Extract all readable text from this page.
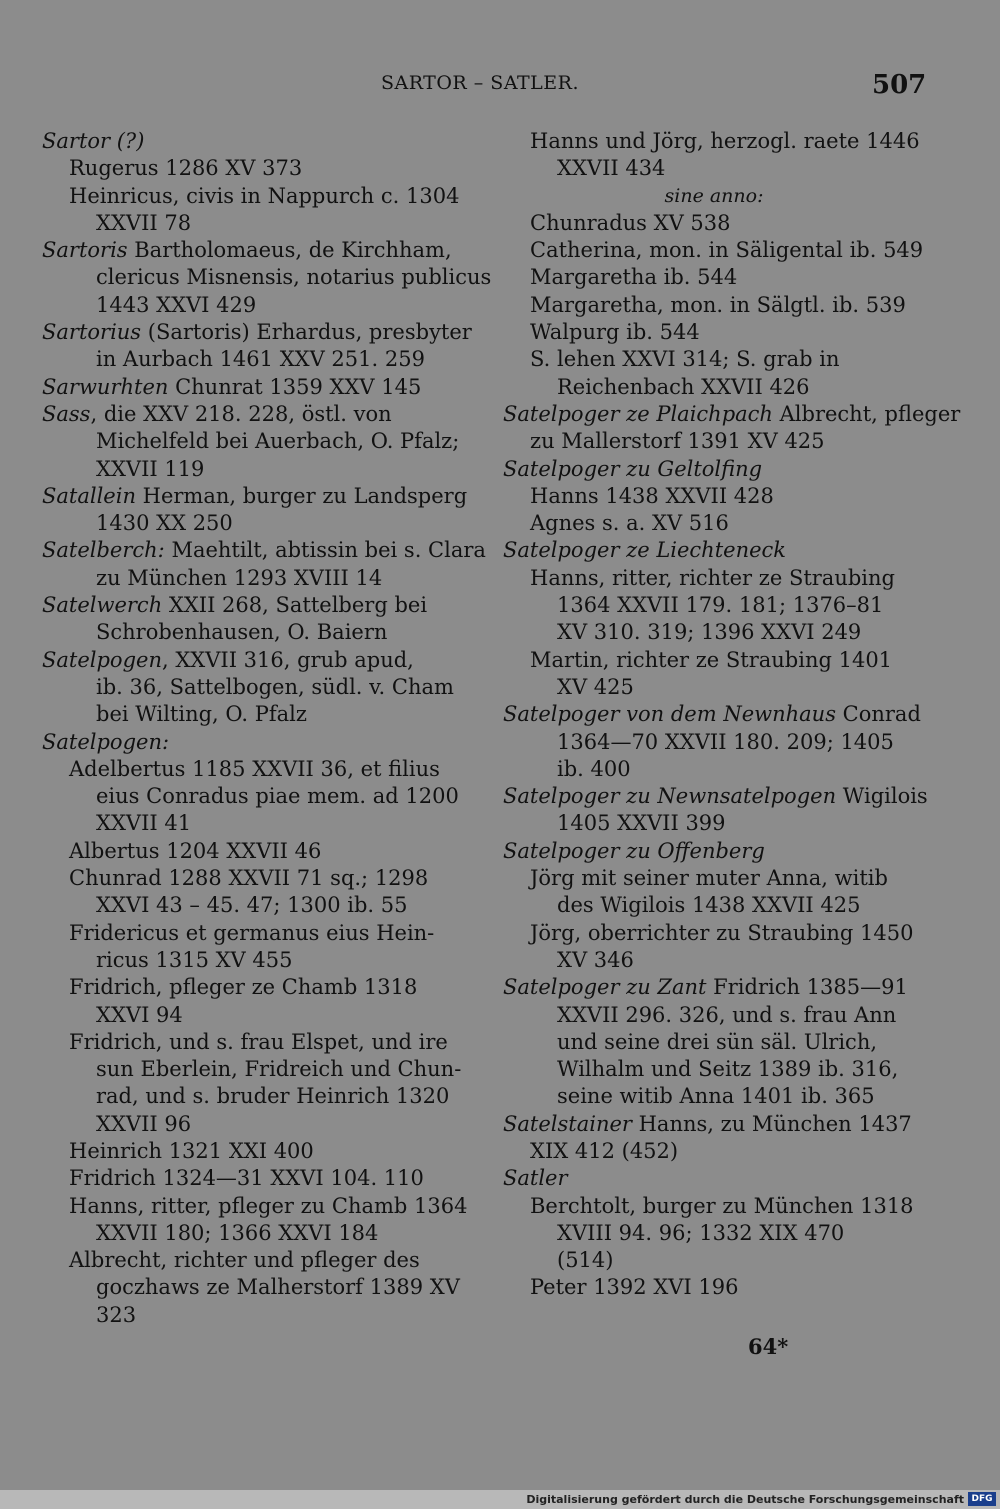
SARTOR – SATLER.	507
Sartor (?)
Rugerus 1286 XV 373
Heinricus, civis in Nappurch c. 1304
XXVII 78
Sartoris Bartholomaeus, de Kirchham,
clericus Misnensis, notarius publicus
1443 XXVI 429
Sartorius (Sartoris) Erhardus, presbyter
in Aurbach 1461 XXV 251. 259
Sarwurhten Chunrat 1359 XXV 145
Sass, die XXV 218. 228, östl. von
Michelfeld bei Auerbach, O. Pfalz;
XXVII 119
Satallein Herman, burger zu Landsperg
1430 XX 250
Satelberch: Maehtilt, abtissin bei s. Clara
zu München 1293 XVIII 14
Satelwerch XXII 268, Sattelberg bei
Schrobenhausen, O. Baiern
Satelpogen, XXVII 316, grub apud,
ib. 36, Sattelbogen, südl. v. Cham
bei Wilting, O. Pfalz
Satelpogen:
Adelbertus 1185 XXVII 36, et filius
eius Conradus piae mem. ad 1200
XXVII 41
Albertus 1204 XXVII 46
Chunrad 1288 XXVII 71 sq.; 1298
XXVI 43 – 45. 47; 1300 ib. 55
Fridericus et germanus eius Hein-
ricus 1315 XV 455
Fridrich, pfleger ze Chamb 1318
XXVI 94
Fridrich, und s. frau Elspet, und ire
sun Eberlein, Fridreich und Chun-
rad, und s. bruder Heinrich 1320
XXVII 96
Heinrich 1321 XXI 400
Fridrich 1324—31 XXVI 104. 110
Hanns, ritter, pfleger zu Chamb 1364
XXVII 180; 1366 XXVI 184
Albrecht, richter und pfleger des
goczhaws ze Malherstorf 1389 XV
323
Hanns und Jörg, herzogl. raete 1446
XXVII 434
sine anno:
Chunradus XV 538
Catherina, mon. in Säligental ib. 549
Margaretha ib. 544
Margaretha, mon. in Sälgtl. ib. 539
Walpurg ib. 544
S. lehen XXVI 314; S. grab in
Reichenbach XXVII 426
Satelpoger ze Plaichpach Albrecht, pfleger
zu Mallerstorf 1391 XV 425
Satelpoger zu Geltolfing
Hanns 1438 XXVII 428
Agnes s. a. XV 516
Satelpoger ze Liechteneck
Hanns, ritter, richter ze Straubing
1364 XXVII 179. 181; 1376–81
XV 310. 319; 1396 XXVI 249
Martin, richter ze Straubing 1401
XV 425
Satelpoger von dem Newnhaus Conrad
1364—70 XXVII 180. 209; 1405
ib. 400
Satelpoger zu Newnsatelpogen Wigilois
1405 XXVII 399
Satelpoger zu Offenberg
Jörg mit seiner muter Anna, witib
des Wigilois 1438 XXVII 425
Jörg, oberrichter zu Straubing 1450
XV 346
Satelpoger zu Zant Fridrich 1385—91
XXVII 296. 326, und s. frau Ann
und seine drei sün säl. Ulrich,
Wilhalm und Seitz 1389 ib. 316,
seine witib Anna 1401 ib. 365
Satelstainer Hanns, zu München 1437
XIX 412 (452)
Satler
Berchtolt, burger zu München 1318
XVIII 94. 96; 1332 XIX 470
(514)
Peter 1392 XVI 196
64*
Digitalisierung gefördert durch die Deutsche Forschungsgemeinschaft DFG
